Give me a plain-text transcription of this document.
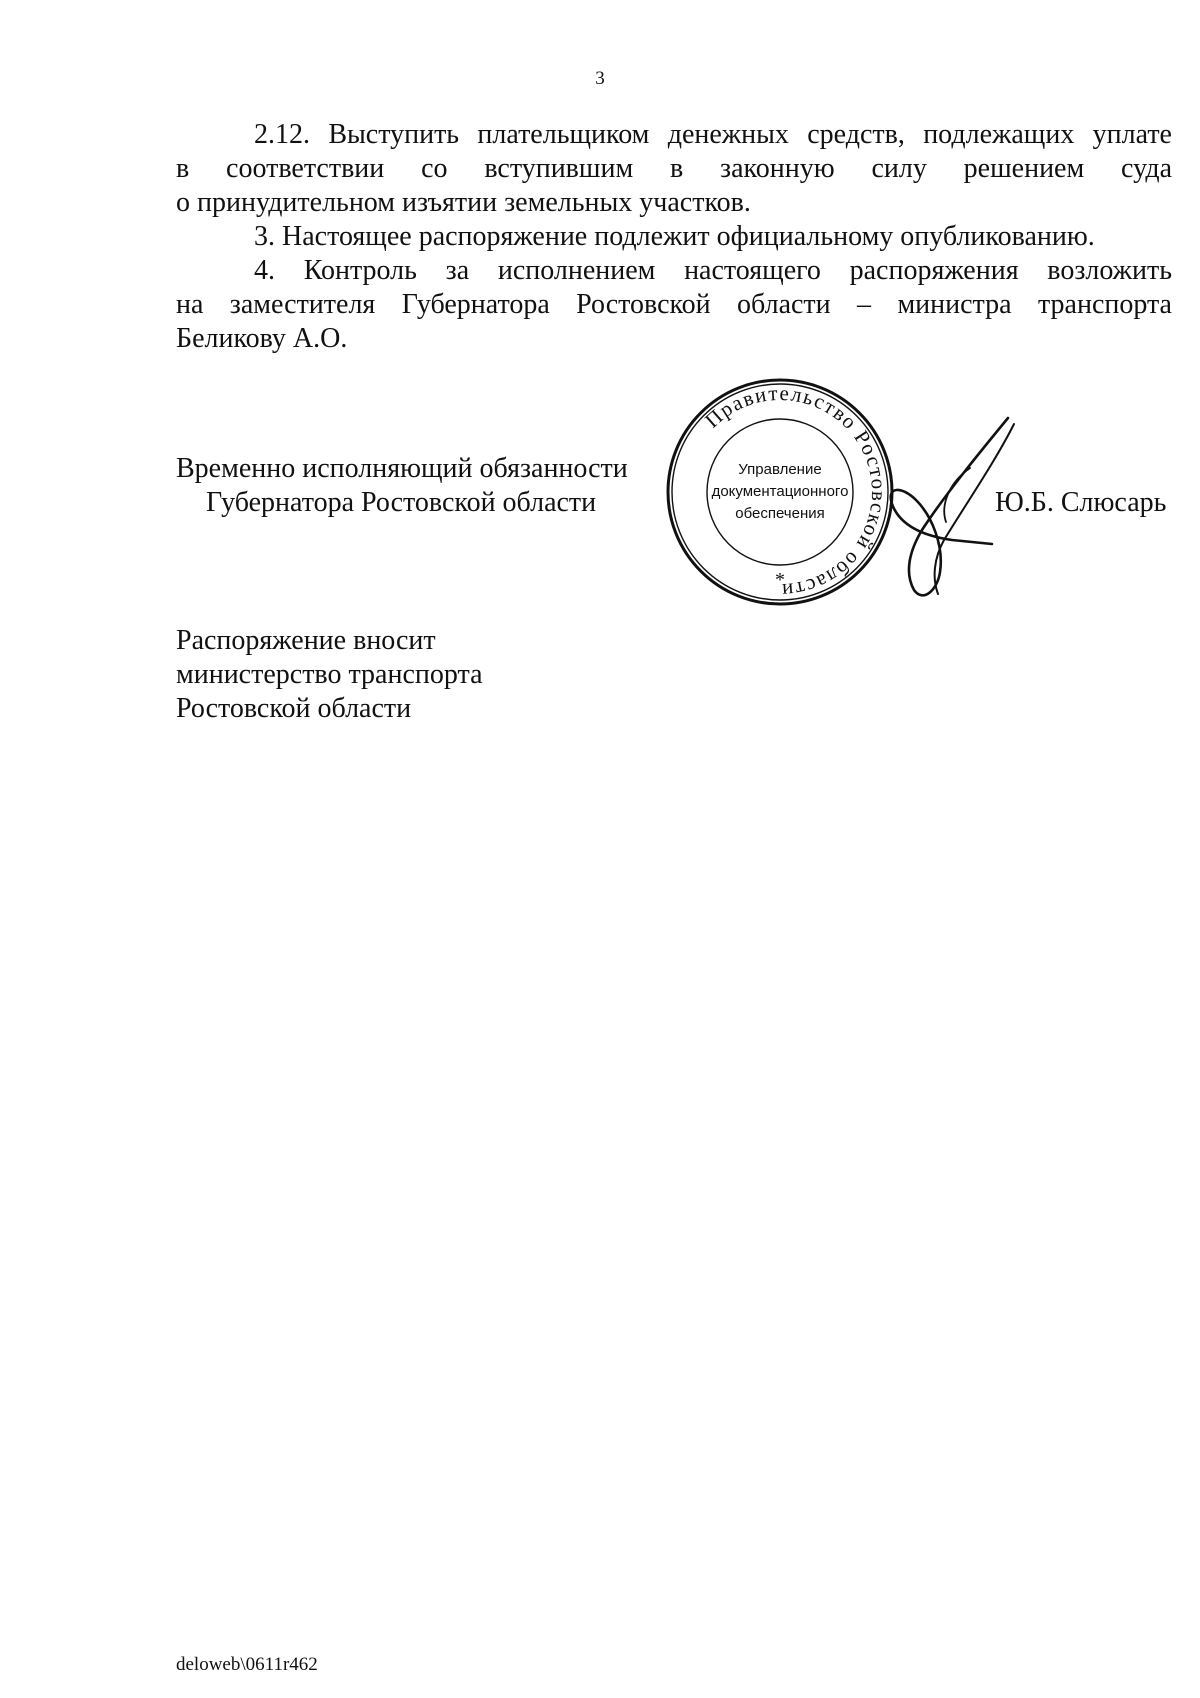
3

2.12. Выступить плательщиком денежных средств, подлежащих уплате

в соответствии со вступившим в законную силу решением суда
о принудительном изъятии земельных участков.

3. Настоящее распоряжение подлежит официальному опубликованию.

4. Контроль за исполнением настоящего распоряжения возложить

на заместителя Губернатора Ростовской области – министра транспорта
Беликову А.О.

Временно исполняющий обязанности
Губернатора Ростовской области
Правительство Ростовской области
Управление
документационного
обеспечения
*
Ю.Б. Слюсарь
Распоряжение вносит
министерство транспорта
Ростовской области
deloweb\0611r462
